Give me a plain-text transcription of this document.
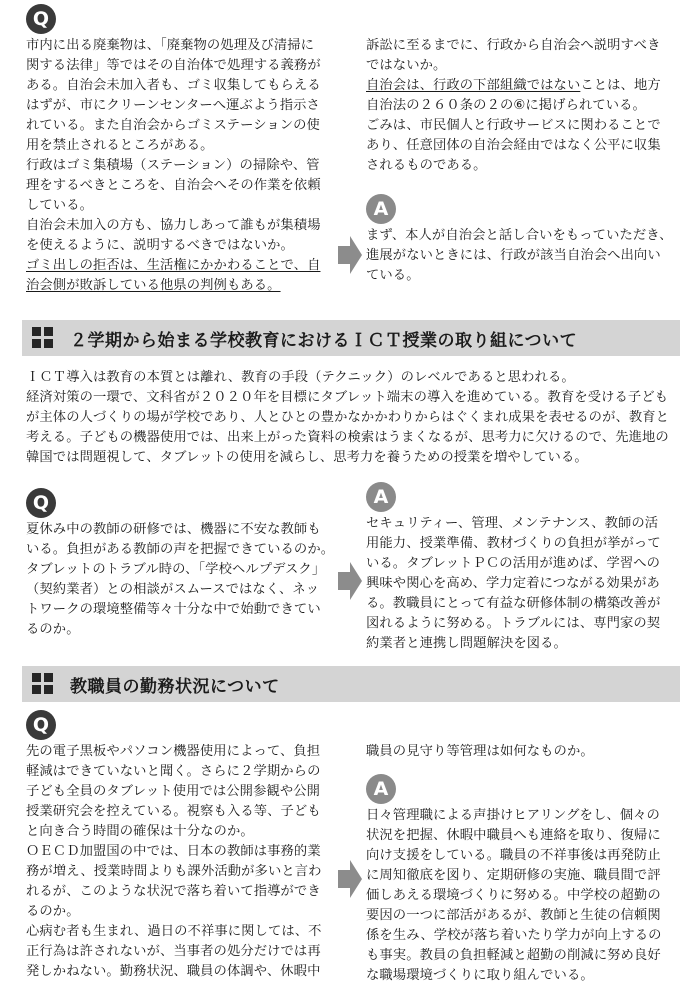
Q

市内に出る廃棄物は、「廃棄物の処理及び清掃に

関する法律」等ではその自治体で処理する義務が

ある。自治会未加入者も、ゴミ収集してもらえる

はずが、市にクリーンセンターへ運ぶよう指示さ

れている。また自治会からゴミステーションの使

用を禁止されるところがある。

行政はゴミ集積場（ステーション）の掃除や、管

理をするべきところを、自治会へその作業を依頼

している。

自治会未加入の方も、協力しあって誰もが集積場

を使えるように、説明するべきではないか。

ゴミ出しの拒否は、生活権にかかわることで、自

治会側が敗訴している他県の判例もある。

訴訟に至るまでに、行政から自治会へ説明すべき

ではないか。

自治会は、行政の下部組織ではないことは、地方

自治法の２６０条の２の⑥に掲げられている。

ごみは、市民個人と行政サービスに関わることで

あり、任意団体の自治会経由ではなく公平に収集

されるものである。

A

まず、本人が自治会と話し合いをもっていただき、

進展がないときには、行政が該当自治会へ出向い

ている。

２学期から始まる学校教育におけるＩＣＴ授業の取り組について

ＩＣＴ導入は教育の本質とは離れ、教育の手段（テクニック）のレベルであると思われる。

経済対策の一環で、文科省が２０２０年を目標にタブレット端末の導入を進めている。教育を受ける子ども

が主体の人づくりの場が学校であり、人とひとの豊かなかかわりからはぐくまれ成果を表せるのが、教育と

考える。子どもの機器使用では、出来上がった資料の検索はうまくなるが、思考力に欠けるので、先進地の

韓国では問題視して、タブレットの使用を減らし、思考力を養うための授業を増やしている。

Q

夏休み中の教師の研修では、機器に不安な教師も

いる。負担がある教師の声を把握できているのか。

タブレットのトラブル時の、「学校ヘルプデスク」

（契約業者）との相談がスムースではなく、ネッ

トワークの環境整備等々十分な中で始動できてい

るのか。

A

セキュリティー、管理、メンテナンス、教師の活

用能力、授業準備、教材づくりの負担が挙がって

いる。タブレットＰＣの活用が進めば、学習への

興味や関心を高め、学力定着につながる効果があ

る。教職員にとって有益な研修体制の構築改善が

図れるように努める。トラブルには、専門家の契

約業者と連携し問題解決を図る。

教職員の勤務状況について
Q

先の電子黒板やパソコン機器使用によって、負担

軽減はできていないと聞く。さらに２学期からの

子ども全員のタブレット使用では公開参観や公開

授業研究会を控えている。視察も入る等、子ども

と向き合う時間の確保は十分なのか。

ＯＥＣＤ加盟国の中では、日本の教師は事務的業

務が増え、授業時間よりも課外活動が多いと言わ

れるが、このような状況で落ち着いて指導ができ

るのか。

心病む者も生まれ、過日の不祥事に関しては、不

正行為は許されないが、当事者の処分だけでは再

発しかねない。勤務状況、職員の体調や、休暇中

職員の見守り等管理は如何なものか。

A

日々管理職による声掛けヒアリングをし、個々の

状況を把握、休暇中職員へも連絡を取り、復帰に

向け支援をしている。職員の不祥事後は再発防止

に周知徹底を図り、定期研修の実施、職員間で評

価しあえる環境づくりに努める。中学校の超勤の

要因の一つに部活があるが、教師と生徒の信頼関

係を生み、学校が落ち着いたり学力が向上するの

も事実。教員の負担軽減と超勤の削減に努め良好

な職場環境づくりに取り組んでいる。
